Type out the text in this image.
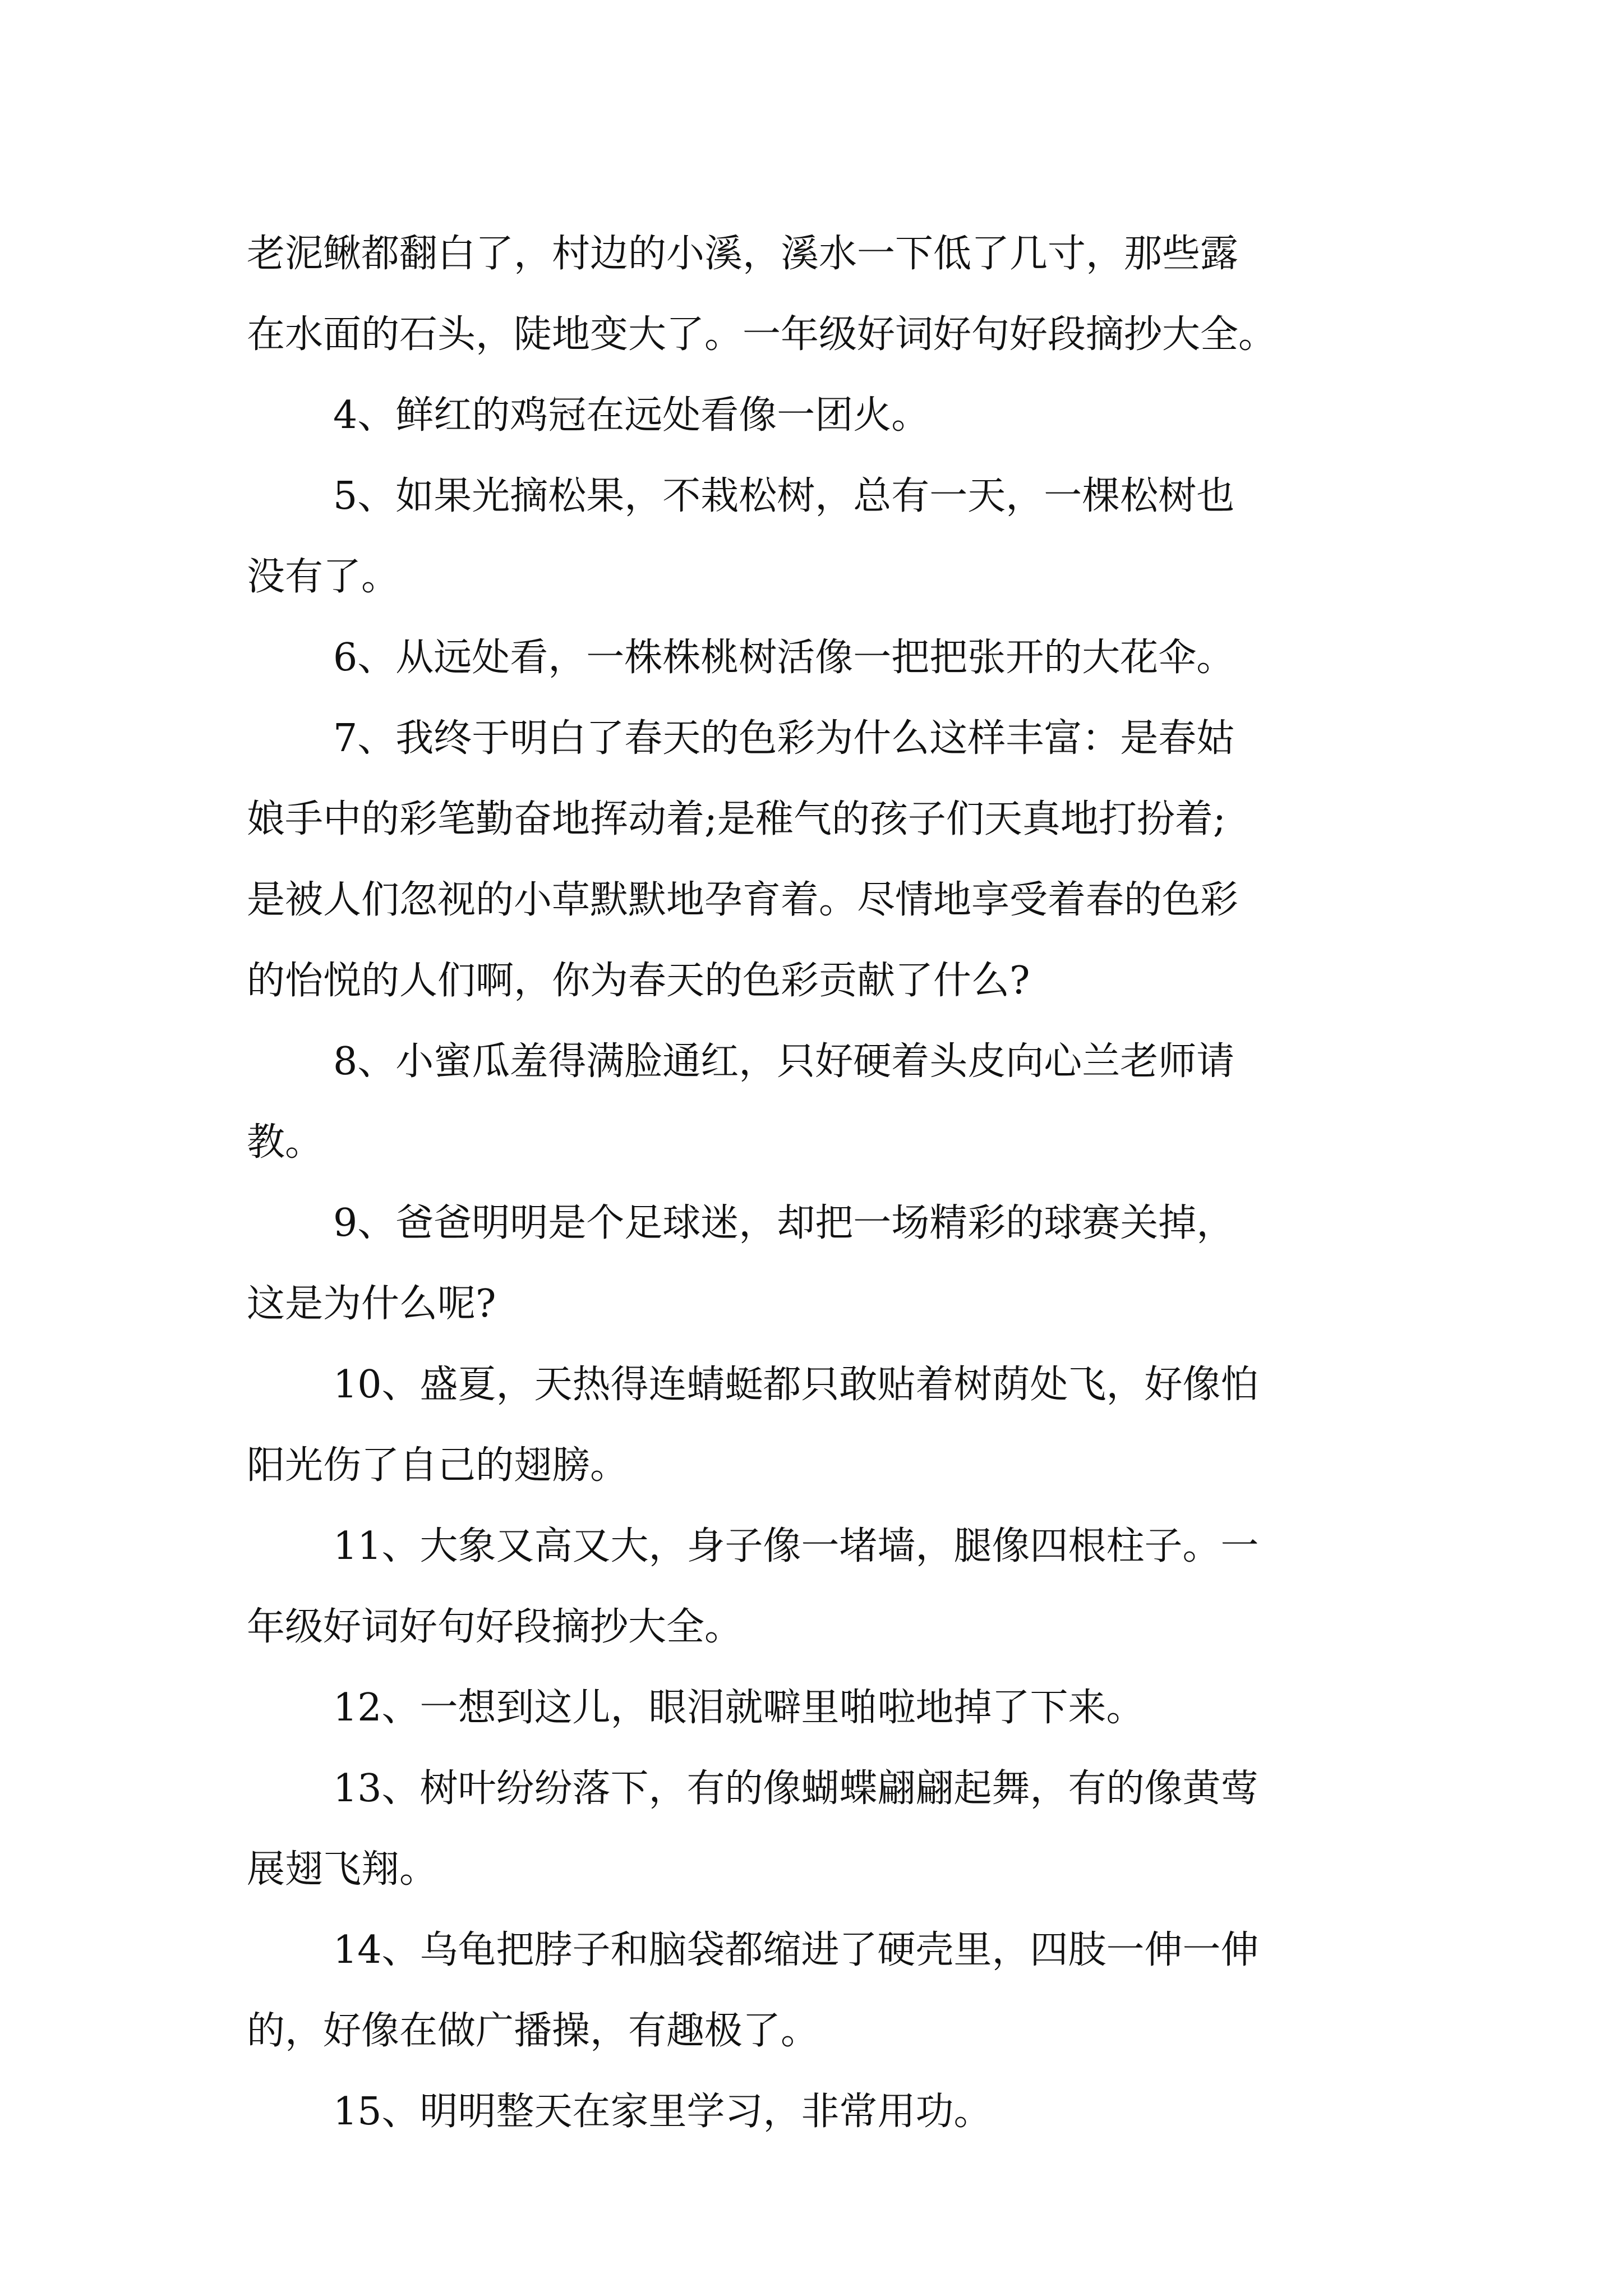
老泥鳅都翻白了，村边的小溪，溪水一下低了几寸，那些露
在水面的石头，陡地变大了。一年级好词好句好段摘抄大全。

4、鲜红的鸡冠在远处看像一团火。

5、如果光摘松果，不栽松树，总有一天，一棵松树也
没有了。

6、从远处看，一株株桃树活像一把把张开的大花伞。

7、我终于明白了春天的色彩为什么这样丰富：是春姑
娘手中的彩笔勤奋地挥动着;是稚气的孩子们天真地打扮着;
是被人们忽视的小草默默地孕育着。尽情地享受着春的色彩
的怡悦的人们啊，你为春天的色彩贡献了什么?

8、小蜜瓜羞得满脸通红，只好硬着头皮向心兰老师请
教。

9、爸爸明明是个足球迷，却把一场精彩的球赛关掉，
这是为什么呢?

10、盛夏，天热得连蜻蜓都只敢贴着树荫处飞，好像怕
阳光伤了自己的翅膀。

11、大象又高又大，身子像一堵墙，腿像四根柱子。一
年级好词好句好段摘抄大全。

12、一想到这儿，眼泪就噼里啪啦地掉了下来。

13、树叶纷纷落下，有的像蝴蝶翩翩起舞，有的像黄莺
展翅飞翔。

14、乌龟把脖子和脑袋都缩进了硬壳里，四肢一伸一伸
的，好像在做广播操，有趣极了。

15、明明整天在家里学习，非常用功。
